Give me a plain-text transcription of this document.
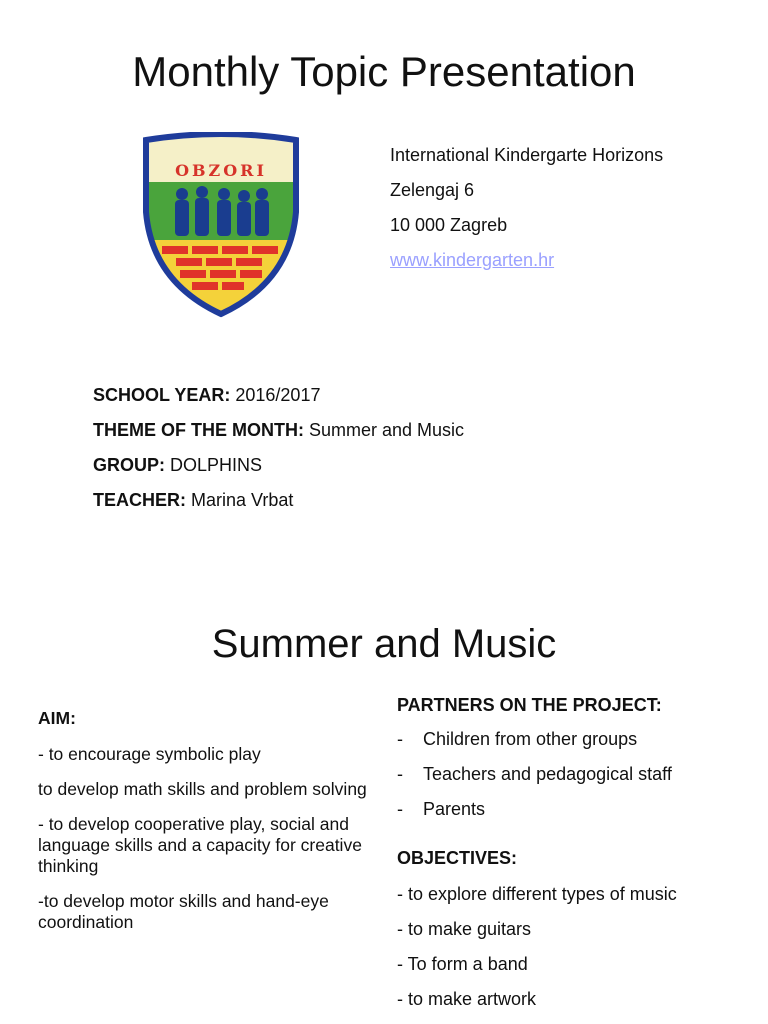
Monthly Topic Presentation
OBZORI
International Kindergarte Horizons
Zelengaj 6
10 000 Zagreb
www.kindergarten.hr
SCHOOL YEAR: 2016/2017
THEME OF THE MONTH: Summer and Music
GROUP: DOLPHINS
TEACHER: Marina Vrbat
Summer and Music
AIM:
- to encourage symbolic play
to develop math skills and problem solving
- to develop cooperative play, social and language skills and a capacity for creative thinking
-to develop motor skills and hand-eye coordination
PARTNERS ON THE PROJECT:
- Children from other groups
- Teachers and pedagogical staff
- Parents
OBJECTIVES:
- to explore different types of music
- to make guitars
- To form a band
- to make artwork
